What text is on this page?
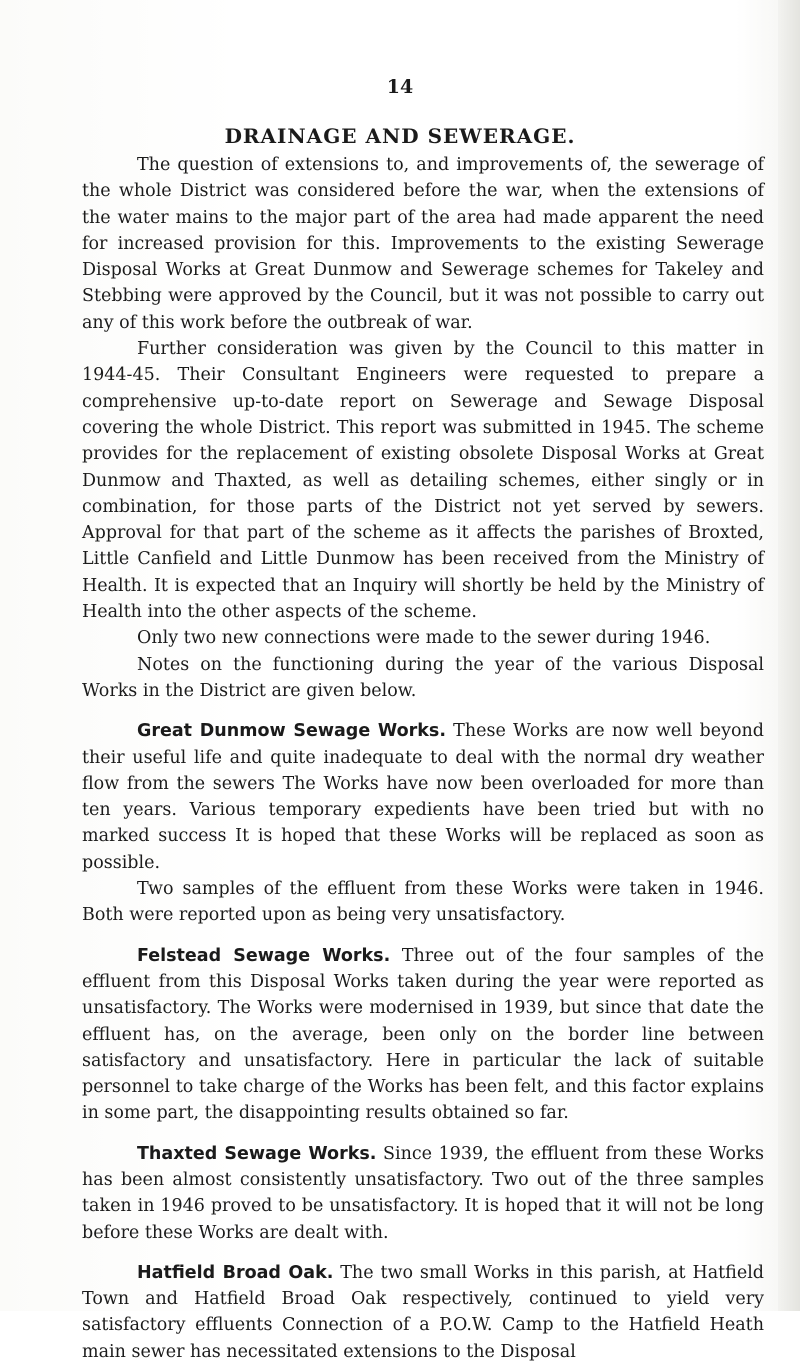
14
DRAINAGE AND SEWERAGE.

The question of extensions to, and improvements of, the sewerage of the whole District was considered before the war, when the extensions of the water mains to the major part of the area had made apparent the need for increased provision for this. Improvements to the existing Sewerage Disposal Works at Great Dunmow and Sewerage schemes for Takeley and Stebbing were approved by the Council, but it was not possible to carry out any of this work before the outbreak of war.

Further consideration was given by the Council to this matter in 1944-45. Their Consultant Engineers were requested to prepare a comprehensive up-to-date report on Sewerage and Sewage Disposal covering the whole District. This report was submitted in 1945. The scheme provides for the replacement of existing obsolete Disposal Works at Great Dunmow and Thaxted, as well as detailing schemes, either singly or in combination, for those parts of the District not yet served by sewers. Approval for that part of the scheme as it affects the parishes of Broxted, Little Canfield and Little Dunmow has been received from the Ministry of Health. It is expected that an Inquiry will shortly be held by the Ministry of Health into the other aspects of the scheme.

Only two new connections were made to the sewer during 1946.

Notes on the functioning during the year of the various Disposal Works in the District are given below.

Great Dunmow Sewage Works. These Works are now well beyond their useful life and quite inadequate to deal with the normal dry weather flow from the sewers The Works have now been overloaded for more than ten years. Various temporary expedients have been tried but with no marked success It is hoped that these Works will be replaced as soon as possible.

Two samples of the effluent from these Works were taken in 1946. Both were reported upon as being very unsatisfactory.

Felstead Sewage Works. Three out of the four samples of the effluent from this Disposal Works taken during the year were reported as unsatisfactory. The Works were modernised in 1939, but since that date the effluent has, on the average, been only on the border line between satisfactory and unsatisfactory. Here in particular the lack of suitable personnel to take charge of the Works has been felt, and this factor explains in some part, the disappointing results obtained so far.

Thaxted Sewage Works. Since 1939, the effluent from these Works has been almost consistently unsatisfactory. Two out of the three samples taken in 1946 proved to be unsatisfactory. It is hoped that it will not be long before these Works are dealt with.

Hatfield Broad Oak. The two small Works in this parish, at Hatfield Town and Hatfield Broad Oak respectively, continued to yield very satisfactory effluents Connection of a P.O.W. Camp to the Hatfield Heath main sewer has necessitated extensions to the Disposal
